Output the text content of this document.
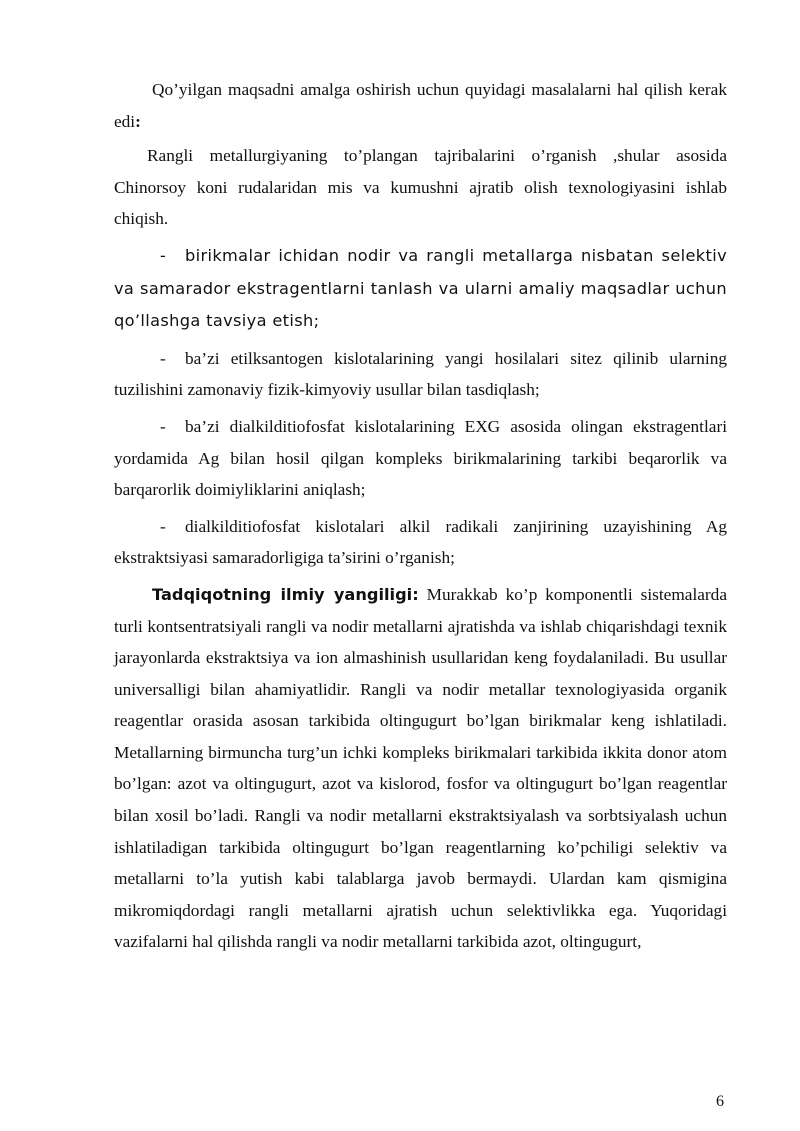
Qo’yilgan maqsadni amalga oshirish uchun quyidagi masalalarni hal qilish kerak edi:

Rangli metallurgiyaning to’plangan tajribalarini o’rganish ,shular asosida Chinorsoy koni rudalaridan mis va kumushni ajratib olish texnologiyasini ishlab chiqish.

- birikmalar ichidan nodir va rangli metallarga nisbatan selektiv va samarador ekstragentlarni tanlash va ularni amaliy maqsadlar uchun qo’llashga tavsiya etish;

- ba’zi etilksantogen kislotalarining yangi hosilalari sitez qilinib ularning tuzilishini zamonaviy fizik-kimyoviy usullar bilan tasdiqlash;

- ba’zi dialkilditiofosfat kislotalarining EXG asosida olingan ekstragentlari yordamida Ag bilan hosil qilgan kompleks birikmalarining tarkibi beqarorlik va barqarorlik doimiyliklarini aniqlash;

- dialkilditiofosfat kislotalari alkil radikali zanjirining uzayishining Ag ekstraktsiyasi samaradorligiga ta’sirini o’rganish;

Tadqiqotning ilmiy yangiligi: Murakkab ko’p komponentli sistemalarda turli kontsentratsiyali rangli va nodir metallarni ajratishda va ishlab chiqarishdagi texnik jarayonlarda ekstraktsiya va ion almashinish usullaridan keng foydalaniladi. Bu usullar universalligi bilan ahamiyatlidir. Rangli va nodir metallar texnologiyasida organik reagentlar orasida asosan tarkibida oltingugurt bo’lgan birikmalar keng ishlatiladi. Metallarning birmuncha turg’un ichki kompleks birikmalari tarkibida ikkita donor atom bo’lgan: azot va oltingugurt, azot va kislorod, fosfor va oltingugurt bo’lgan reagentlar bilan xosil bo’ladi. Rangli va nodir metallarni ekstraktsiyalash va sorbtsiyalash uchun ishlatiladigan tarkibida oltingugurt bo’lgan reagentlarning ko’pchiligi selektiv va metallarni to’la yutish kabi talablarga javob bermaydi. Ulardan kam qismigina mikromiqdordagi rangli metallarni ajratish uchun selektivlikka ega. Yuqoridagi vazifalarni hal qilishda rangli va nodir metallarni tarkibida azot, oltingugurt,

6
